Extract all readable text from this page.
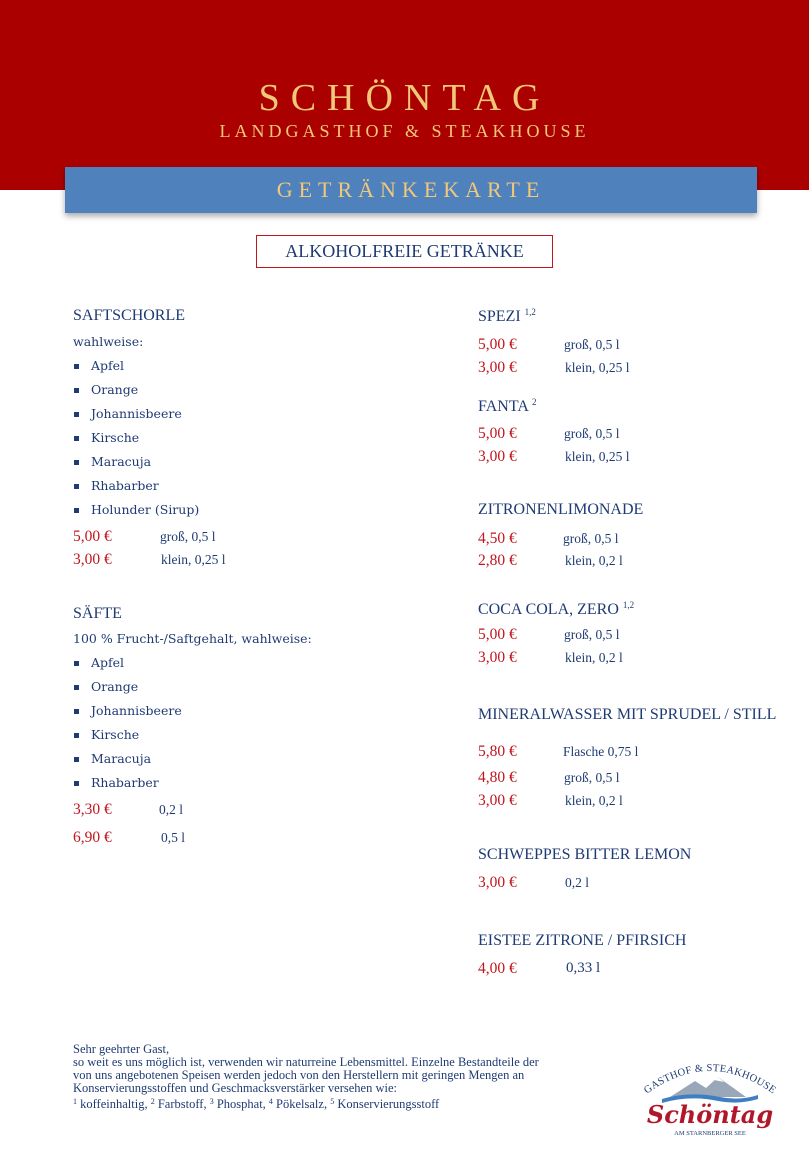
SCHÖNTAG
LANDGASTHOF & STEAKHOUSE
GETRÄNKEKARTE
ALKOHOLFREIE GETRÄNKE
SAFTSCHORLE
wahlweise:
Apfel
Orange
Johannisbeere
Kirsche
Maracuja
Rhabarber
Holunder (Sirup)
5,00 €	groß, 0,5 l
3,00 €	klein, 0,25 l
SÄFTE
100 % Frucht-/Saftgehalt, wahlweise:
Apfel
Orange
Johannisbeere
Kirsche
Maracuja
Rhabarber
3,30 €	0,2 l
6,90 €	0,5 l
SPEZI $^{1,2}$
5,00 €	groß, 0,5 l
3,00 €	klein, 0,25 l
FANTA $^2$
5,00 €	groß, 0,5 l
3,00 €	klein, 0,25 l
ZITRONENLIMONADE
4,50 €	groß, 0,5 l
2,80 €	klein, 0,2 l
COCA COLA, ZERO $^{1,2}$
5,00 €	groß, 0,5 l
3,00 €	klein, 0,2 l
MINERALWASSER MIT SPRUDEL / STILL
5,80 €	Flasche 0,75 l
4,80 €	groß, 0,5 l
3,00 €	klein, 0,2 l
SCHWEPPES BITTER LEMON
3,00 €	0,2 l
EISTEE ZITRONE / PFIRSICH
4,00 €	0,33 l
Sehr geehrter Gast,
so weit es uns möglich ist, verwenden wir naturreine Lebensmittel. Einzelne Bestandteile der
von uns angebotenen Speisen werden jedoch von den Herstellern mit geringen Mengen an
Konservierungsstoffen und Geschmacksverstärker versehen wie:
$^1$ koffeinhaltig, $^2$ Farbstoff, $^3$ Phosphat, $^4$ Pökelsalz, $^5$ Konservierungsstoff
GASTHOF & STEAKHOUSE
Schöntag
AM STARNBERGER SEE
